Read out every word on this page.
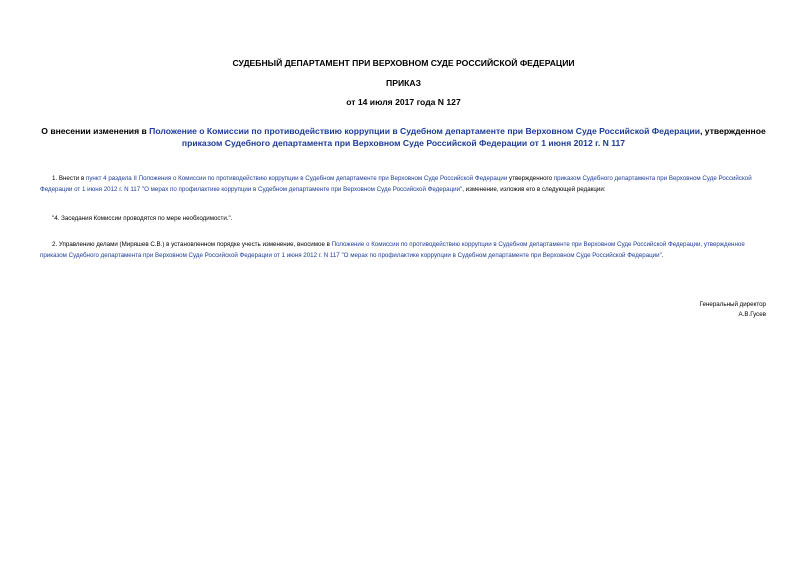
СУДЕБНЫЙ ДЕПАРТАМЕНТ ПРИ ВЕРХОВНОМ СУДЕ РОССИЙСКОЙ ФЕДЕРАЦИИ
ПРИКАЗ
от 14 июля 2017 года N 127
О внесении изменения в Положение о Комиссии по противодействию коррупции в Судебном департаменте при Верховном Суде Российской Федерации, утвержденное приказом Судебного департамента при Верховном Суде Российской Федерации от 1 июня 2012 г. N 117
1. Внести в пункт 4 раздела II Положения о Комиссии по противодействию коррупции в Судебном департаменте при Верховном Суде Российской Федерации утвержденного приказом Судебного департамента при Верховном Суде Российской Федерации от 1 июня 2012 г. N 117 "О мерах по профилактике коррупции в Судебном департаменте при Верховном Суде Российской Федерации", изменение, изложив его в следующей редакции:
"4. Заседания Комиссии проводятся по мере необходимости.".
2. Управлению делами (Миряшев С.В.) в установленном порядке учесть изменение, вносимое в Положение о Комиссии по противодействию коррупции в Судебном департаменте при Верховном Суде Российской Федерации, утвержденное приказом Судебного департамента при Верховном Суде Российской Федерации от 1 июня 2012 г. N 117 "О мерах по профилактике коррупции в Судебном департаменте при Верховном Суде Российской Федерации".
Генеральный директор
А.В.Гусев
